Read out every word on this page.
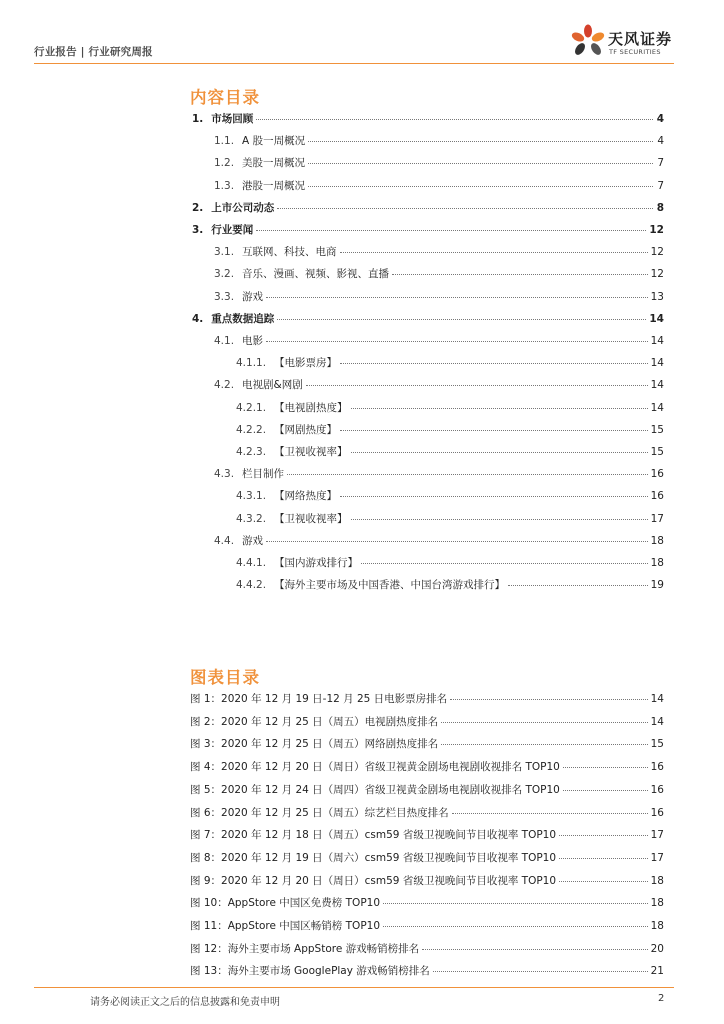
行业报告 | 行业研究周报
天风证券
TF SECURITIES
内容目录
1. 市场回顾	4
1.1. A 股一周概况	4
1.2. 美股一周概况	7
1.3. 港股一周概况	7
2. 上市公司动态	8
3. 行业要闻	12
3.1. 互联网、科技、电商	12
3.2. 音乐、漫画、视频、影视、直播	12
3.3. 游戏	13
4. 重点数据追踪	14
4.1. 电影	14
4.1.1. 【电影票房】	14
4.2. 电视剧&网剧	14
4.2.1. 【电视剧热度】	14
4.2.2. 【网剧热度】	15
4.2.3. 【卫视收视率】	15
4.3. 栏目制作	16
4.3.1. 【网络热度】	16
4.3.2. 【卫视收视率】	17
4.4. 游戏	18
4.4.1. 【国内游戏排行】	18
4.4.2. 【海外主要市场及中国香港、中国台湾游戏排行】	19
图表目录
图 1：2020 年 12 月 19 日-12 月 25 日电影票房排名	14
图 2：2020 年 12 月 25 日（周五）电视剧热度排名	14
图 3：2020 年 12 月 25 日（周五）网络剧热度排名	15
图 4：2020 年 12 月 20 日（周日）省级卫视黄金剧场电视剧收视排名 TOP10	16
图 5：2020 年 12 月 24 日（周四）省级卫视黄金剧场电视剧收视排名 TOP10	16
图 6：2020 年 12 月 25 日（周五）综艺栏目热度排名	16
图 7：2020 年 12 月 18 日（周五）csm59 省级卫视晚间节目收视率 TOP10	17
图 8：2020 年 12 月 19 日（周六）csm59 省级卫视晚间节目收视率 TOP10	17
图 9：2020 年 12 月 20 日（周日）csm59 省级卫视晚间节目收视率 TOP10	18
图 10：AppStore 中国区免费榜 TOP10	18
图 11：AppStore 中国区畅销榜 TOP10	18
图 12：海外主要市场 AppStore 游戏畅销榜排名	20
图 13：海外主要市场 GooglePlay 游戏畅销榜排名	21
请务必阅读正文之后的信息披露和免责申明	2
